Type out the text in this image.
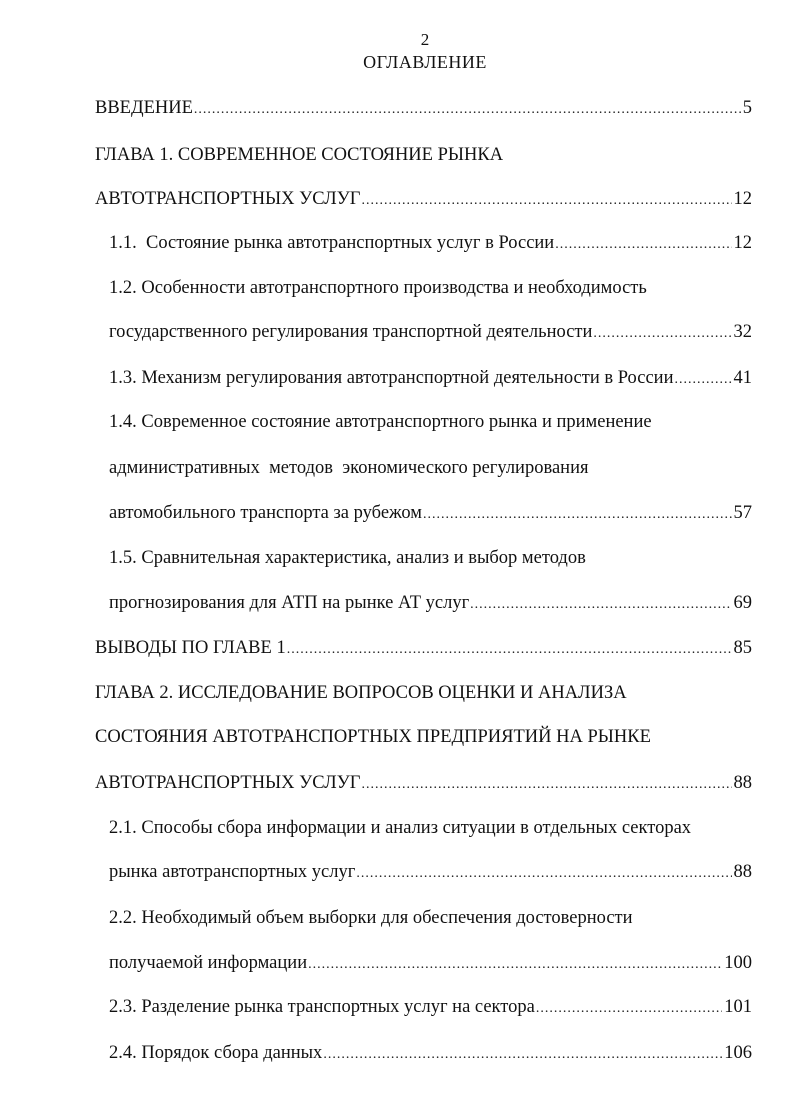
2
ОГЛАВЛЕНИЕ
ВВЕДЕНИЕ .....	5
ГЛАВА 1. СОВРЕМЕННОЕ СОСТОЯНИЕ РЫНКА
АВТОТРАНСПОРТНЫХ УСЛУГ .....	12
1.1.  Состояние рынка автотранспортных услуг в России .....	12
1.2. Особенности автотранспортного производства и необходимость
государственного регулирования транспортной деятельности .....	32
1.3. Механизм регулирования автотранспортной деятельности в России .....	41
1.4. Современное состояние автотранспортного рынка и применение
административных  методов  экономического регулирования
автомобильного транспорта за рубежом .....	57
1.5. Сравнительная характеристика, анализ и выбор методов
прогнозирования для АТП на рынке АТ услуг .....	69
ВЫВОДЫ ПО ГЛАВЕ 1 .....	85
ГЛАВА 2. ИССЛЕДОВАНИЕ ВОПРОСОВ ОЦЕНКИ И АНАЛИЗА
СОСТОЯНИЯ АВТОТРАНСПОРТНЫХ ПРЕДПРИЯТИЙ НА РЫНКЕ
АВТОТРАНСПОРТНЫХ УСЛУГ .....	88
2.1. Способы сбора информации и анализ ситуации в отдельных секторах
рынка автотранспортных услуг .....	88
2.2. Необходимый объем выборки для обеспечения достоверности
получаемой информации .....	100
2.3. Разделение рынка транспортных услуг на сектора .....	101
2.4. Порядок сбора данных .....	106
